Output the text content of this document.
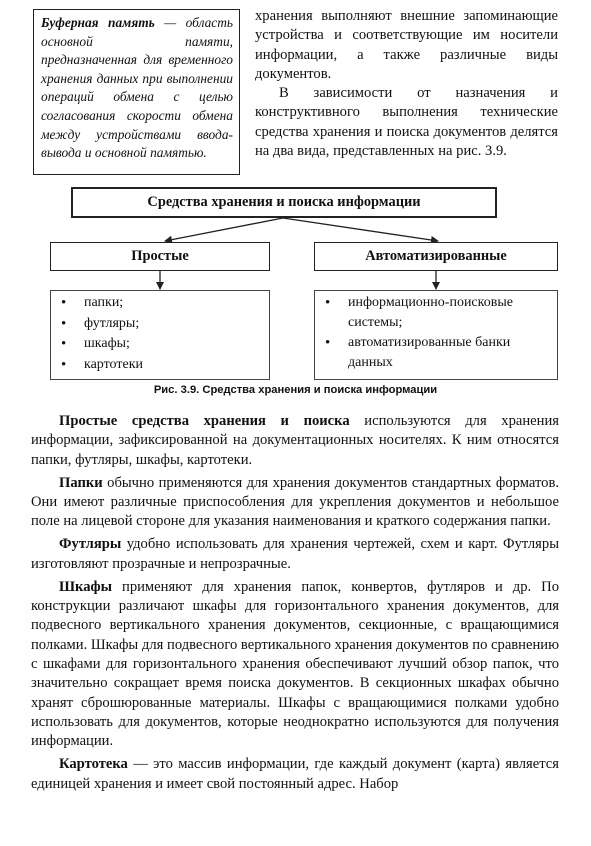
Буферная память — область основной памяти, предназначенная для временного хранения данных при выполнении операций обмена с целью согласования скорости обмена между устройствами ввода-вывода и основной памятью.

хранения выполняют внешние запоминающие устройства и соответствующие им носители информации, а также различные виды документов.

В зависимости от назначения и конструктивного выполнения технические средства хранения и поиска документов делятся на два вида, представленных на рис. 3.9.

Средства хранения и поиска информации
Простые	Автоматизированные
• папки;
• футляры;
• шкафы;
• картотеки
• информационно-поисковые системы;
• автоматизированные банки данных
Рис. 3.9. Средства хранения и поиска информации

Простые средства хранения и поиска используются для хранения информации, зафиксированной на документационных носителях. К ним относятся папки, футляры, шкафы, картотеки.

Папки обычно применяются для хранения документов стандартных форматов. Они имеют различные приспособления для укрепления документов и небольшое поле на лицевой стороне для указания наименования и краткого содержания папки.

Футляры удобно использовать для хранения чертежей, схем и карт. Футляры изготовляют прозрачные и непрозрачные.

Шкафы применяют для хранения папок, конвертов, футляров и др. По конструкции различают шкафы для горизонтального хранения документов, для подвесного вертикального хранения документов, секционные, с вращающимися полками. Шкафы для подвесного вертикального хранения документов по сравнению с шкафами для горизонтального хранения обеспечивают лучший обзор папок, что значительно сокращает время поиска документов. В секционных шкафах обычно хранят сброшюрованные материалы. Шкафы с вращающимися полками удобно использовать для документов, которые неоднократно используются для получения информации.

Картотека — это массив информации, где каждый документ (карта) является единицей хранения и имеет свой постоянный адрес. Набор
